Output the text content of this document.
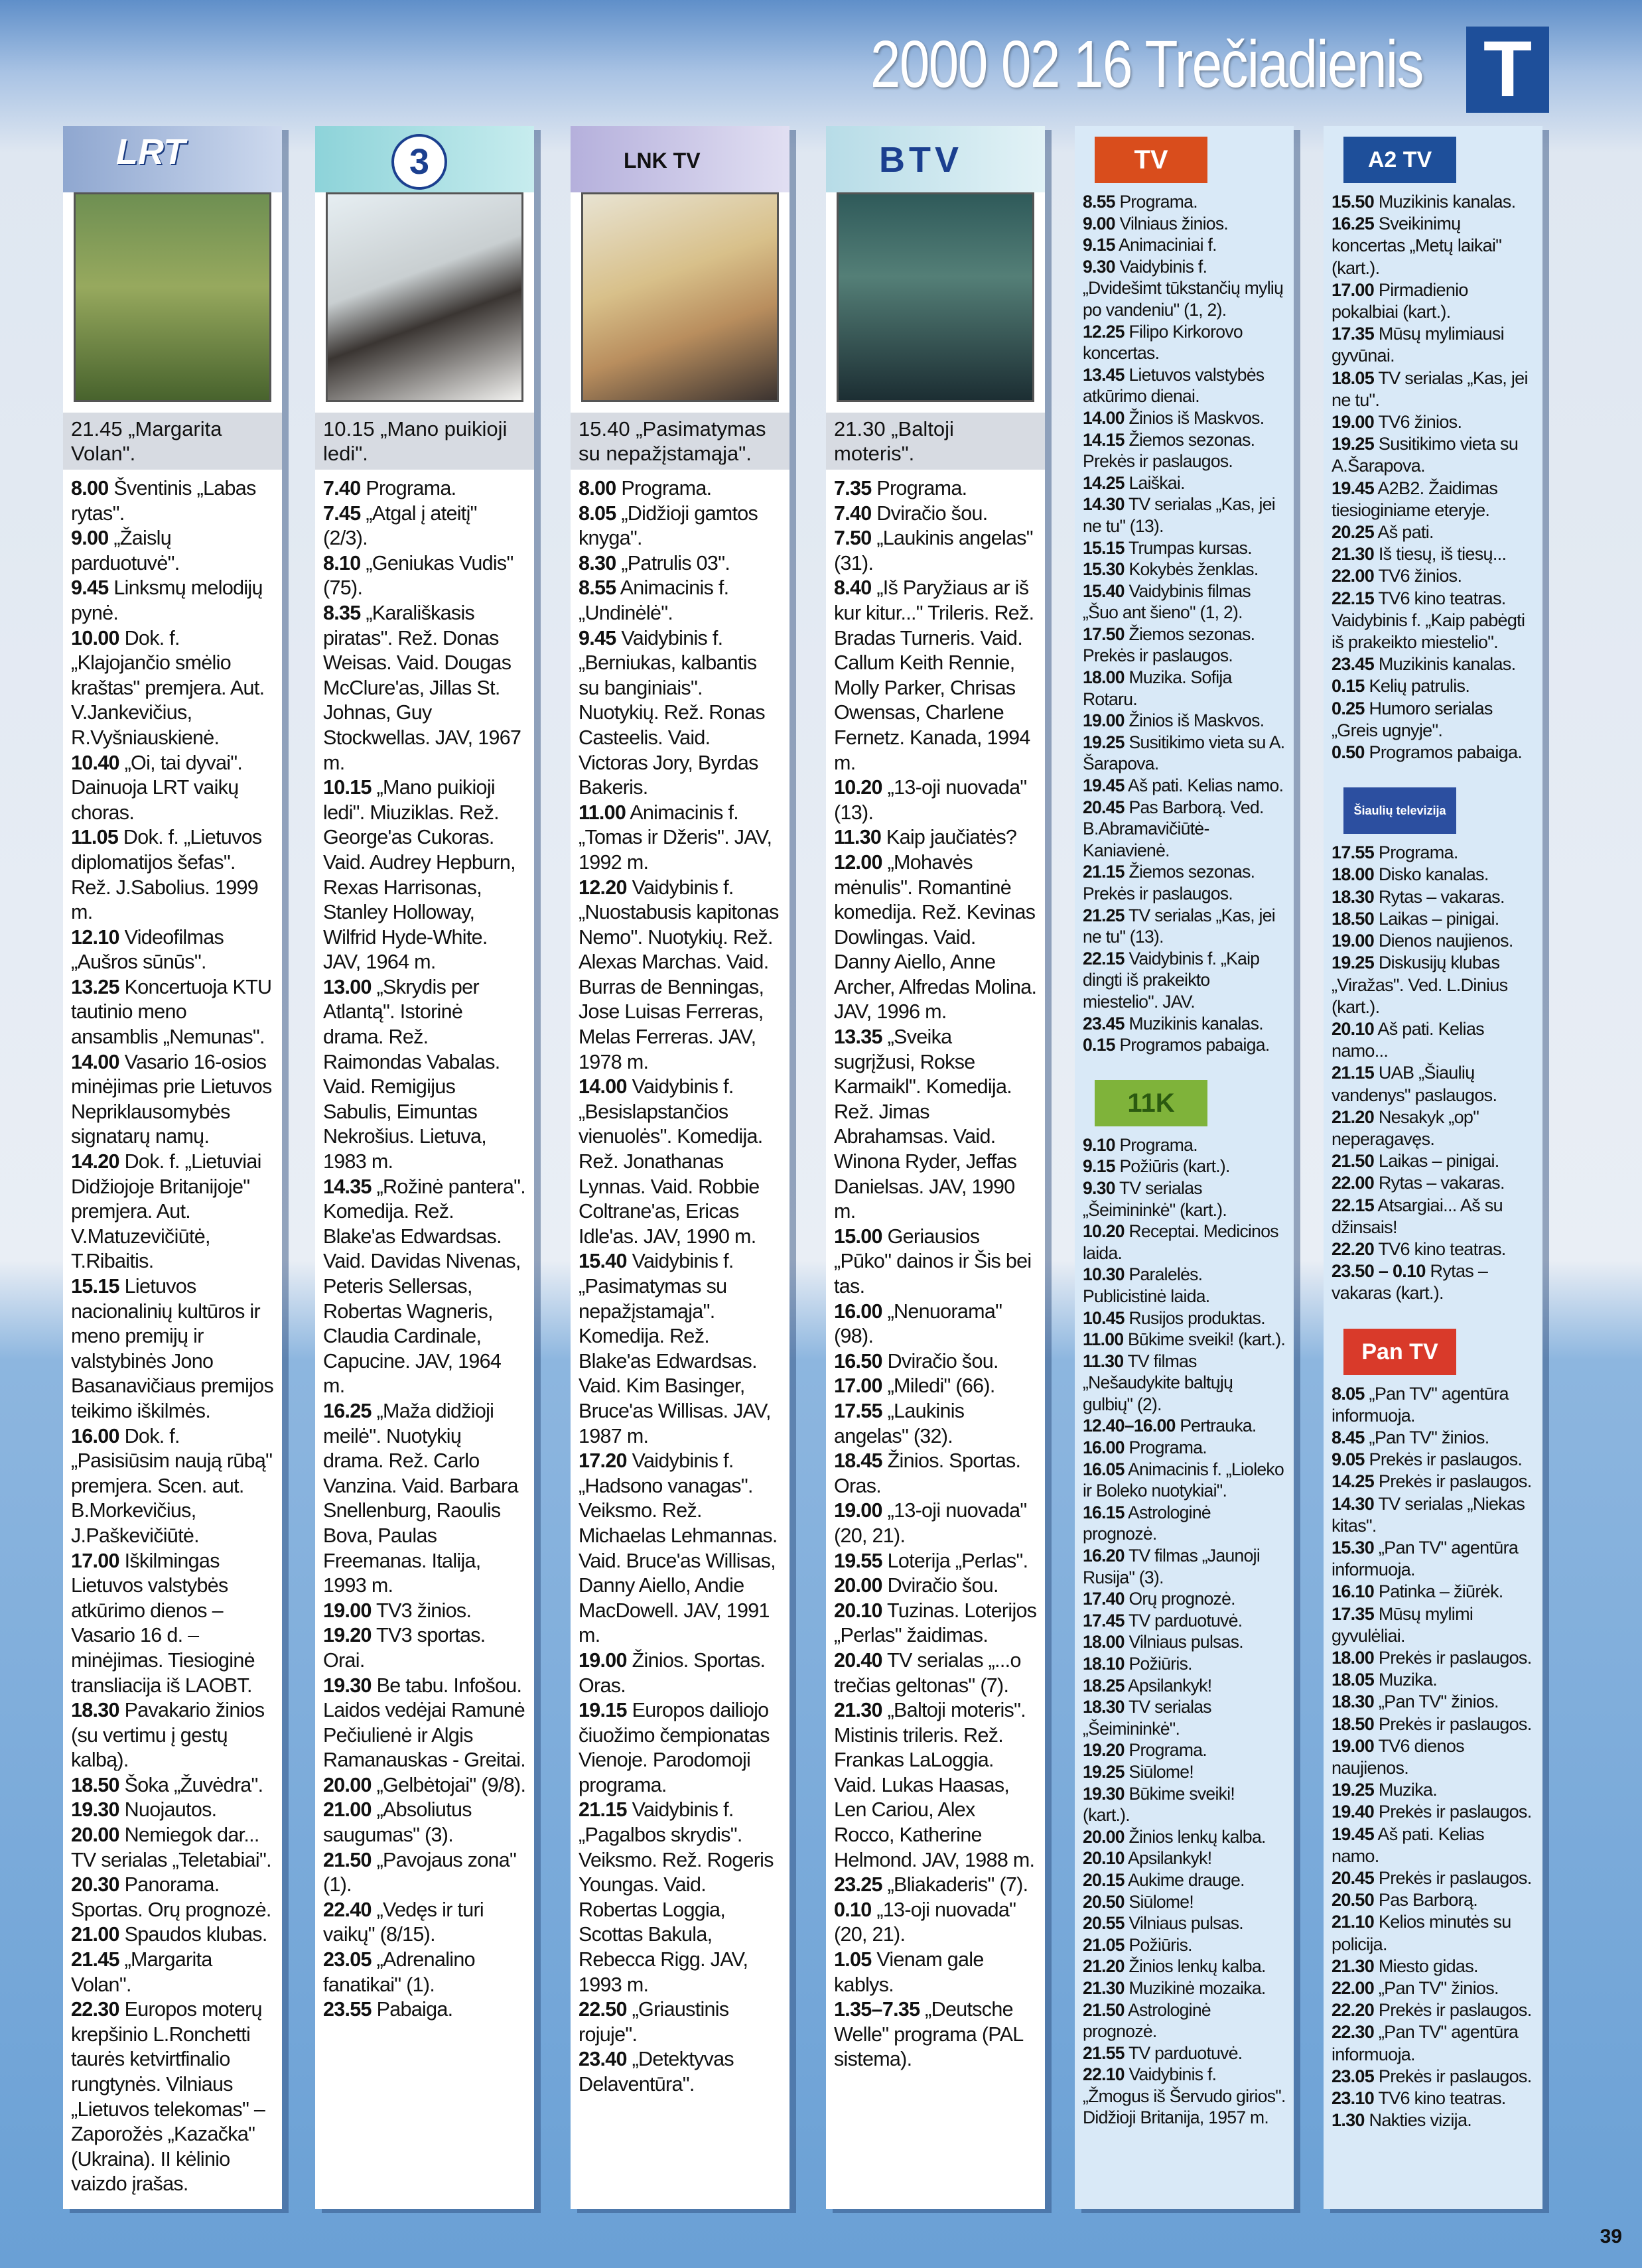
2000 02 16 Trečiadienis T
LRT
21.45 „Margarita Volan".

8.00 Šventinis „Labas rytas".

9.00 „Žaislų parduotuvė".

9.45 Linksmų melodijų pynė.

10.00 Dok. f. „Klajojančio smėlio kraštas" premjera. Aut. V.Jankevičius, R.Vyšniauskienė.

10.40 „Oi, tai dyvai". Dainuoja LRT vaikų choras.

11.05 Dok. f. „Lietuvos diplomatijos šefas". Rež. J.Sabolius. 1999 m.

12.10 Videofilmas „Aušros sūnūs".

13.25 Koncertuoja KTU tautinio meno ansamblis „Nemunas".

14.00 Vasario 16-osios minėjimas prie Lietuvos Nepriklausomybės signatarų namų.

14.20 Dok. f. „Lietuviai Didžiojoje Britanijoje" premjera. Aut. V.Matuzevičiūtė, T.Ribaitis.

15.15 Lietuvos nacionalinių kultūros ir meno premijų ir valstybinės Jono Basanavičiaus premijos teikimo iškilmės.

16.00 Dok. f. „Pasisiūsim naują rūbą" premjera. Scen. aut. B.Morkevičius, J.Paškevičiūtė.

17.00 Iškilmingas Lietuvos valstybės atkūrimo dienos – Vasario 16 d. – minėjimas. Tiesioginė transliacija iš LAOBT.

18.30 Pavakario žinios (su vertimu į gestų kalbą).

18.50 Šoka „Žuvėdra".

19.30 Nuojautos.

20.00 Nemiegok dar... TV serialas „Teletabiai".

20.30 Panorama. Sportas. Orų prognozė.

21.00 Spaudos klubas.

21.45 „Margarita Volan".

22.30 Europos moterų krepšinio L.Ronchetti taurės ketvirtfinalio rungtynės. Vilniaus „Lietuvos telekomas" – Zaporožės „Kazačka" (Ukraina). II kėlinio vaizdo įrašas.

3
10.15 „Mano puikioji ledi".

7.40 Programa.

7.45 „Atgal į ateitį" (2/3).

8.10 „Geniukas Vudis" (75).

8.35 „Karališkasis piratas". Rež. Donas Weisas. Vaid. Dougas McClure'as, Jillas St. Johnas, Guy Stockwellas. JAV, 1967 m.

10.15 „Mano puikioji ledi". Miuziklas. Rež. George'as Cukoras. Vaid. Audrey Hepburn, Rexas Harrisonas, Stanley Holloway, Wilfrid Hyde-White. JAV, 1964 m.

13.00 „Skrydis per Atlantą". Istorinė drama. Rež. Raimondas Vabalas. Vaid. Remigijus Sabulis, Eimuntas Nekrošius. Lietuva, 1983 m.

14.35 „Rožinė pantera". Komedija. Rež. Blake'as Edwardsas. Vaid. Davidas Nivenas, Peteris Sellersas, Robertas Wagneris, Claudia Cardinale, Capucine. JAV, 1964 m.

16.25 „Maža didžioji meilė". Nuotykių drama. Rež. Carlo Vanzina. Vaid. Barbara Snellenburg, Raoulis Bova, Paulas Freemanas. Italija, 1993 m.

19.00 TV3 žinios.

19.20 TV3 sportas. Orai.

19.30 Be tabu. Infošou. Laidos vedėjai Ramunė Pečiulienė ir Algis Ramanauskas - Greitai.

20.00 „Gelbėtojai" (9/8).

21.00 „Absoliutus saugumas" (3).

21.50 „Pavojaus zona" (1).

22.40 „Vedęs ir turi vaikų" (8/15).

23.05 „Adrenalino fanatikai" (1).

23.55 Pabaiga.

LNK TV
15.40 „Pasimatymas su nepažįstamąja".

8.00 Programa.

8.05 „Didžioji gamtos knyga".

8.30 „Patrulis 03".

8.55 Animacinis f. „Undinėlė".

9.45 Vaidybinis f. „Berniukas, kalbantis su banginiais". Nuotykių. Rež. Ronas Casteelis. Vaid. Victoras Jory, Byrdas Bakeris.

11.00 Animacinis f. „Tomas ir Džeris". JAV, 1992 m.

12.20 Vaidybinis f. „Nuostabusis kapitonas Nemo". Nuotykių. Rež. Alexas Marchas. Vaid. Burras de Benningas, Jose Luisas Ferreras, Melas Ferreras. JAV, 1978 m.

14.00 Vaidybinis f. „Besislapstančios vienuolės". Komedija. Rež. Jonathanas Lynnas. Vaid. Robbie Coltrane'as, Ericas Idle'as. JAV, 1990 m.

15.40 Vaidybinis f. „Pasimatymas su nepažįstamąja". Komedija. Rež. Blake'as Edwardsas. Vaid. Kim Basinger, Bruce'as Willisas. JAV, 1987 m.

17.20 Vaidybinis f. „Hadsono vanagas". Veiksmo. Rež. Michaelas Lehmannas. Vaid. Bruce'as Willisas, Danny Aiello, Andie MacDowell. JAV, 1991 m.

19.00 Žinios. Sportas. Oras.

19.15 Europos dailiojo čiuožimo čempionatas Vienoje. Parodomoji programa.

21.15 Vaidybinis f. „Pagalbos skrydis". Veiksmo. Rež. Rogeris Youngas. Vaid. Robertas Loggia, Scottas Bakula, Rebecca Rigg. JAV, 1993 m.

22.50 „Griaustinis rojuje".

23.40 „Detektyvas Delaventūra".

BTV
21.30 „Baltoji moteris".

7.35 Programa.

7.40 Dviračio šou.

7.50 „Laukinis angelas" (31).

8.40 „Iš Paryžiaus ar iš kur kitur..." Trileris. Rež. Bradas Turneris. Vaid. Callum Keith Rennie, Molly Parker, Chrisas Owensas, Charlene Fernetz. Kanada, 1994 m.

10.20 „13-oji nuovada" (13).

11.30 Kaip jaučiatės?

12.00 „Mohavės mėnulis". Romantinė komedija. Rež. Kevinas Dowlingas. Vaid. Danny Aiello, Anne Archer, Alfredas Molina. JAV, 1996 m.

13.35 „Sveika sugrįžusi, Rokse Karmaikl". Komedija. Rež. Jimas Abrahamsas. Vaid. Winona Ryder, Jeffas Danielsas. JAV, 1990 m.

15.00 Geriausios „Pūko" dainos ir Šis bei tas.

16.00 „Nenuorama" (98).

16.50 Dviračio šou.

17.00 „Miledi" (66).

17.55 „Laukinis angelas" (32).

18.45 Žinios. Sportas. Oras.

19.00 „13-oji nuovada" (20, 21).

19.55 Loterija „Perlas".

20.00 Dviračio šou.

20.10 Tuzinas. Loterijos „Perlas" žaidimas.

20.40 TV serialas „...o trečias geltonas" (7).

21.30 „Baltoji moteris". Mistinis trileris. Rež. Frankas LaLoggia. Vaid. Lukas Haasas, Len Cariou, Alex Rocco, Katherine Helmond. JAV, 1988 m.

23.25 „Bliakaderis" (7).

0.10 „13-oji nuovada" (20, 21).

1.05 Vienam gale kablys.

1.35–7.35 „Deutsche Welle" programa (PAL sistema).

TV

8.55 Programa.

9.00 Vilniaus žinios.

9.15 Animaciniai f.

9.30 Vaidybinis f. „Dvidešimt tūkstančių mylių po vandeniu" (1, 2).

12.25 Filipo Kirkorovo koncertas.

13.45 Lietuvos valstybės atkūrimo dienai.

14.00 Žinios iš Maskvos.

14.15 Žiemos sezonas. Prekės ir paslaugos.

14.25 Laiškai.

14.30 TV serialas „Kas, jei ne tu" (13).

15.15 Trumpas kursas.

15.30 Kokybės ženklas.

15.40 Vaidybinis filmas „Šuo ant šieno" (1, 2).

17.50 Žiemos sezonas. Prekės ir paslaugos.

18.00 Muzika. Sofija Rotaru.

19.00 Žinios iš Maskvos.

19.25 Susitikimo vieta su A. Šarapova.

19.45 Aš pati. Kelias namo.

20.45 Pas Barborą. Ved. B.Abramavičiūtė-Kaniavienė.

21.15 Žiemos sezonas. Prekės ir paslaugos.

21.25 TV serialas „Kas, jei ne tu" (13).

22.15 Vaidybinis f. „Kaip dingti iš prakeikto miestelio". JAV.

23.45 Muzikinis kanalas.

0.15 Programos pabaiga.

11K

9.10 Programa.

9.15 Požiūris (kart.).

9.30 TV serialas „Šeimininkė" (kart.).

10.20 Receptai. Medicinos laida.

10.30 Paralelės. Publicistinė laida.

10.45 Rusijos produktas.

11.00 Būkime sveiki! (kart.).

11.30 TV filmas „Nešaudykite baltųjų gulbių" (2).

12.40–16.00 Pertrauka.

16.00 Programa.

16.05 Animacinis f. „Lioleko ir Boleko nuotykiai".

16.15 Astrologinė prognozė.

16.20 TV filmas „Jaunoji Rusija" (3).

17.40 Orų prognozė.

17.45 TV parduotuvė.

18.00 Vilniaus pulsas.

18.10 Požiūris.

18.25 Apsilankyk!

18.30 TV serialas „Šeimininkė".

19.20 Programa.

19.25 Siūlome!

19.30 Būkime sveiki! (kart.).

20.00 Žinios lenkų kalba.

20.10 Apsilankyk!

20.15 Aukime drauge.

20.50 Siūlome!

20.55 Vilniaus pulsas.

21.05 Požiūris.

21.20 Žinios lenkų kalba.

21.30 Muzikinė mozaika.

21.50 Astrologinė prognozė.

21.55 TV parduotuvė.

22.10 Vaidybinis f. „Žmogus iš Šervudo girios". Didžioji Britanija, 1957 m.

A2 TV

15.50 Muzikinis kanalas.

16.25 Sveikinimų koncertas „Metų laikai" (kart.).

17.00 Pirmadienio pokalbiai (kart.).

17.35 Mūsų mylimiausi gyvūnai.

18.05 TV serialas „Kas, jei ne tu".

19.00 TV6 žinios.

19.25 Susitikimo vieta su A.Šarapova.

19.45 A2B2. Žaidimas tiesioginiame eteryje.

20.25 Aš pati.

21.30 Iš tiesų, iš tiesų...

22.00 TV6 žinios.

22.15 TV6 kino teatras. Vaidybinis f. „Kaip pabėgti iš prakeikto miestelio".

23.45 Muzikinis kanalas.

0.15 Kelių patrulis.

0.25 Humoro serialas „Greis ugnyje".

0.50 Programos pabaiga.

Šiaulių televizija

17.55 Programa.

18.00 Disko kanalas.

18.30 Rytas – vakaras.

18.50 Laikas – pinigai.

19.00 Dienos naujienos.

19.25 Diskusijų klubas „Viražas". Ved. L.Dinius (kart.).

20.10 Aš pati. Kelias namo...

21.15 UAB „Šiaulių vandenys" paslaugos.

21.20 Nesakyk „op" neperagavęs.

21.50 Laikas – pinigai.

22.00 Rytas – vakaras.

22.15 Atsargiai... Aš su džinsais!

22.20 TV6 kino teatras.

23.50 – 0.10 Rytas – vakaras (kart.).

Pan TV

8.05 „Pan TV" agentūra informuoja.

8.45 „Pan TV" žinios.

9.05 Prekės ir paslaugos.

14.25 Prekės ir paslaugos.

14.30 TV serialas „Niekas kitas".

15.30 „Pan TV" agentūra informuoja.

16.10 Patinka – žiūrėk.

17.35 Mūsų mylimi gyvulėliai.

18.00 Prekės ir paslaugos.

18.05 Muzika.

18.30 „Pan TV" žinios.

18.50 Prekės ir paslaugos.

19.00 TV6 dienos naujienos.

19.25 Muzika.

19.40 Prekės ir paslaugos.

19.45 Aš pati. Kelias namo.

20.45 Prekės ir paslaugos.

20.50 Pas Barborą.

21.10 Kelios minutės su policija.

21.30 Miesto gidas.

22.00 „Pan TV" žinios.

22.20 Prekės ir paslaugos.

22.30 „Pan TV" agentūra informuoja.

23.05 Prekės ir paslaugos.

23.10 TV6 kino teatras.

1.30 Nakties vizija.

39
